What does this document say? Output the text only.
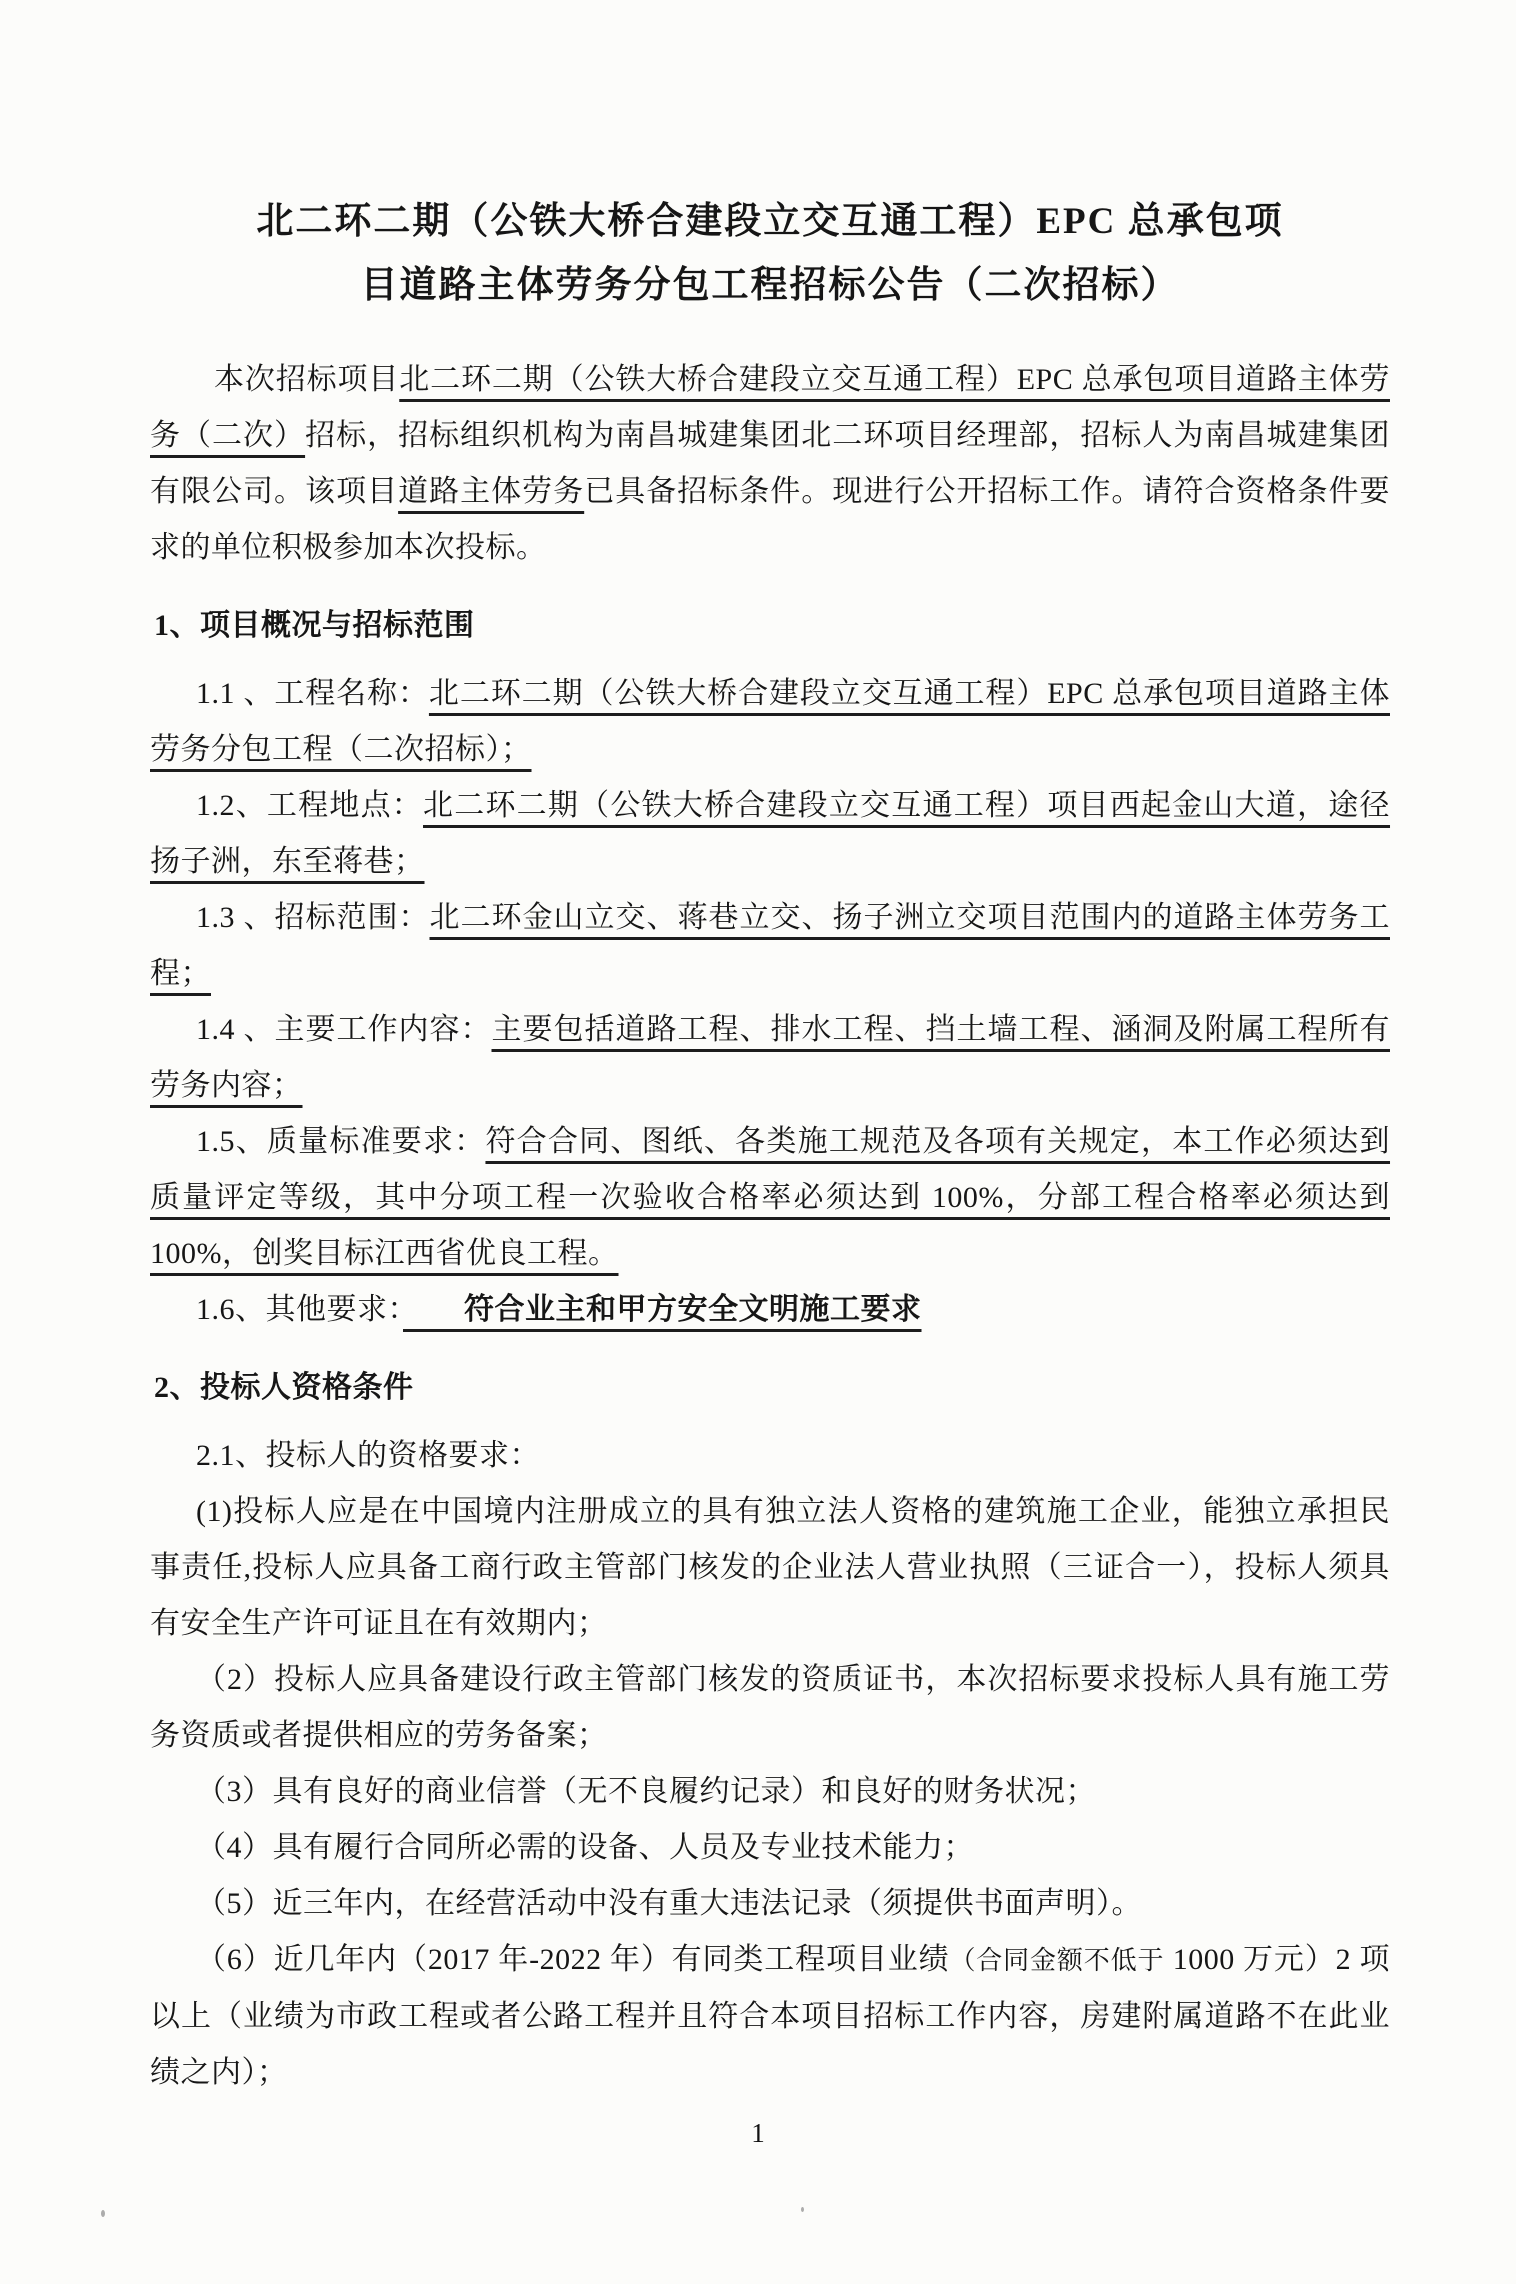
北二环二期（公铁大桥合建段立交互通工程）EPC 总承包项
目道路主体劳务分包工程招标公告（二次招标）

本次招标项目北二环二期（公铁大桥合建段立交互通工程）EPC 总承包项目道路主体劳务（二次）招标，招标组织机构为南昌城建集团北二环项目经理部，招标人为南昌城建集团有限公司。该项目道路主体劳务已具备招标条件。现进行公开招标工作。请符合资格条件要求的单位积极参加本次投标。

1、项目概况与招标范围

1.1 、工程名称：北二环二期（公铁大桥合建段立交互通工程）EPC 总承包项目道路主体劳务分包工程（二次招标）；

1.2、工程地点：北二环二期（公铁大桥合建段立交互通工程）项目西起金山大道，途径扬子洲，东至蒋巷；

1.3 、招标范围：北二环金山立交、蒋巷立交、扬子洲立交项目范围内的道路主体劳务工程；

1.4 、主要工作内容：主要包括道路工程、排水工程、挡土墙工程、涵洞及附属工程所有劳务内容；

1.5、质量标准要求：符合合同、图纸、各类施工规范及各项有关规定，本工作必须达到质量评定等级，其中分项工程一次验收合格率必须达到 100%，分部工程合格率必须达到100%，创奖目标江西省优良工程。

1.6、其他要求：　　符合业主和甲方安全文明施工要求

2、投标人资格条件

2.1、投标人的资格要求：

(1)投标人应是在中国境内注册成立的具有独立法人资格的建筑施工企业，能独立承担民事责任,投标人应具备工商行政主管部门核发的企业法人营业执照（三证合一），投标人须具有安全生产许可证且在有效期内；

（2）投标人应具备建设行政主管部门核发的资质证书，本次招标要求投标人具有施工劳务资质或者提供相应的劳务备案；

（3）具有良好的商业信誉（无不良履约记录）和良好的财务状况；

（4）具有履行合同所必需的设备、人员及专业技术能力；

（5）近三年内，在经营活动中没有重大违法记录（须提供书面声明）。

（6）近几年内（2017 年-2022 年）有同类工程项目业绩（合同金额不低于 1000 万元）2 项以上（业绩为市政工程或者公路工程并且符合本项目招标工作内容，房建附属道路不在此业绩之内）；

1
